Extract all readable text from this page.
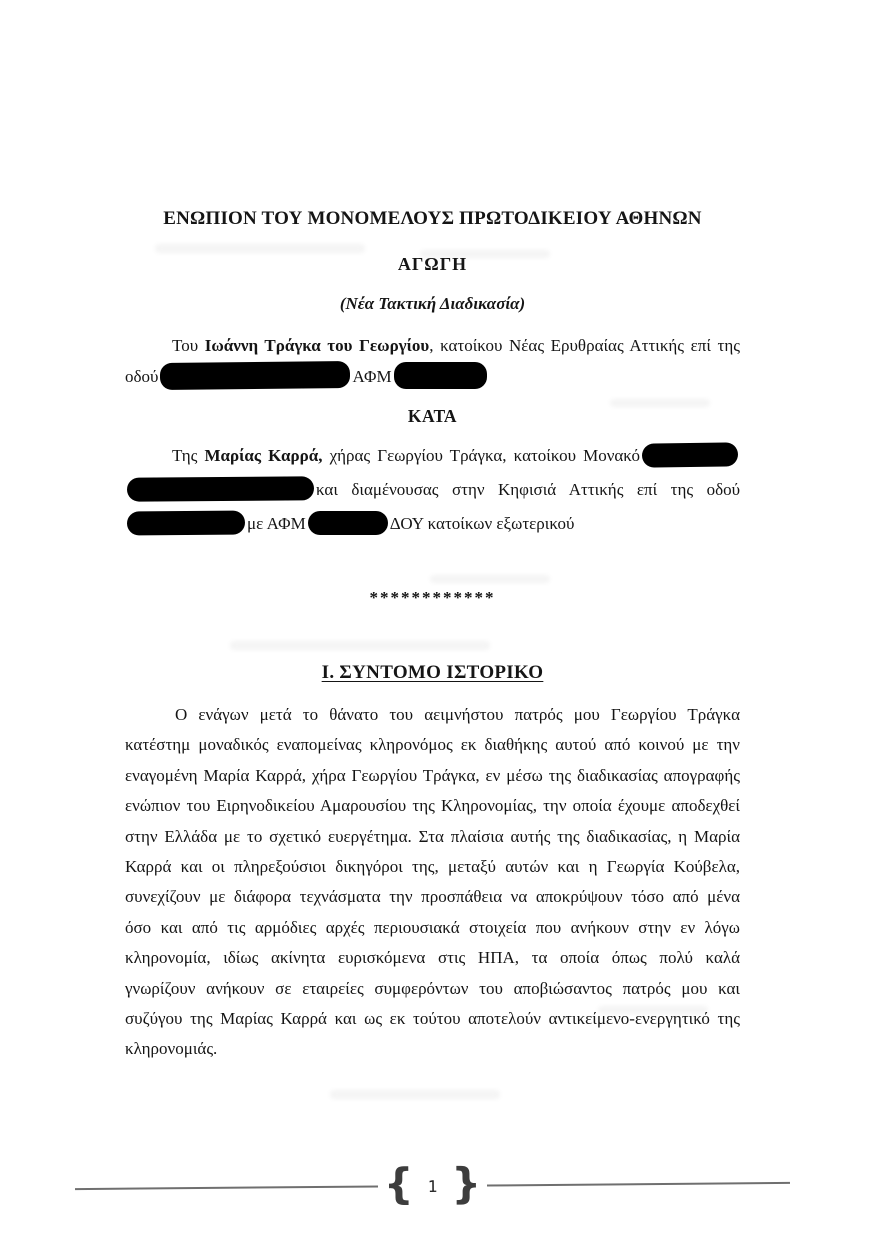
ΕΝΩΠΙΟΝ ΤΟΥ ΜΟΝΟΜΕΛΟΥΣ ΠΡΩΤΟΔΙΚΕΙΟΥ ΑΘΗΝΩΝ
ΑΓΩΓΗ
(Νέα Τακτική Διαδικασία)

Του Ιωάννη Τράγκα του Γεωργίου, κατοίκου Νέας Ερυθραίας Αττικής επί της

οδού	ΑΦΜ

ΚΑΤΑ

Της Μαρίας Καρρά, χήρας Γεωργίου Τράγκα, κατοίκου Μονακό

και διαμένουσας στην Κηφισιά Αττικής επί της οδού

με ΑΦΜ	ΔΟΥ κατοίκων εξωτερικού

************

Ι. ΣΥΝΤΟΜΟ ΙΣΤΟΡΙΚΟ

Ο ενάγων μετά το θάνατο του αειμνήστου πατρός μου Γεωργίου Τράγκα κατέστημ μοναδικός εναπομείνας κληρονόμος εκ διαθήκης αυτού από κοινού με την εναγομένη Μαρία Καρρά, χήρα Γεωργίου Τράγκα, εν μέσω της διαδικασίας απογραφής ενώπιον του Ειρηνοδικείου Αμαρουσίου της Κληρονομίας, την οποία έχουμε αποδεχθεί στην Ελλάδα με το σχετικό ευεργέτημα. Στα πλαίσια αυτής της διαδικασίας, η Μαρία Καρρά και οι πληρεξούσιοι δικηγόροι της, μεταξύ αυτών και η Γεωργία Κούβελα, συνεχίζουν με διάφορα τεχνάσματα την προσπάθεια να αποκρύψουν τόσο από μένα όσο και από τις αρμόδιες αρχές περιουσιακά στοιχεία που ανήκουν στην εν λόγω κληρονομία, ιδίως ακίνητα ευρισκόμενα στις ΗΠΑ, τα οποία όπως πολύ καλά γνωρίζουν ανήκουν σε εταιρείες συμφερόντων του αποβιώσαντος πατρός μου και συζύγου της Μαρίας Καρρά και ως εκ τούτου αποτελούν αντικείμενο-ενεργητικό της κληρονομιάς.

{ 1 }
